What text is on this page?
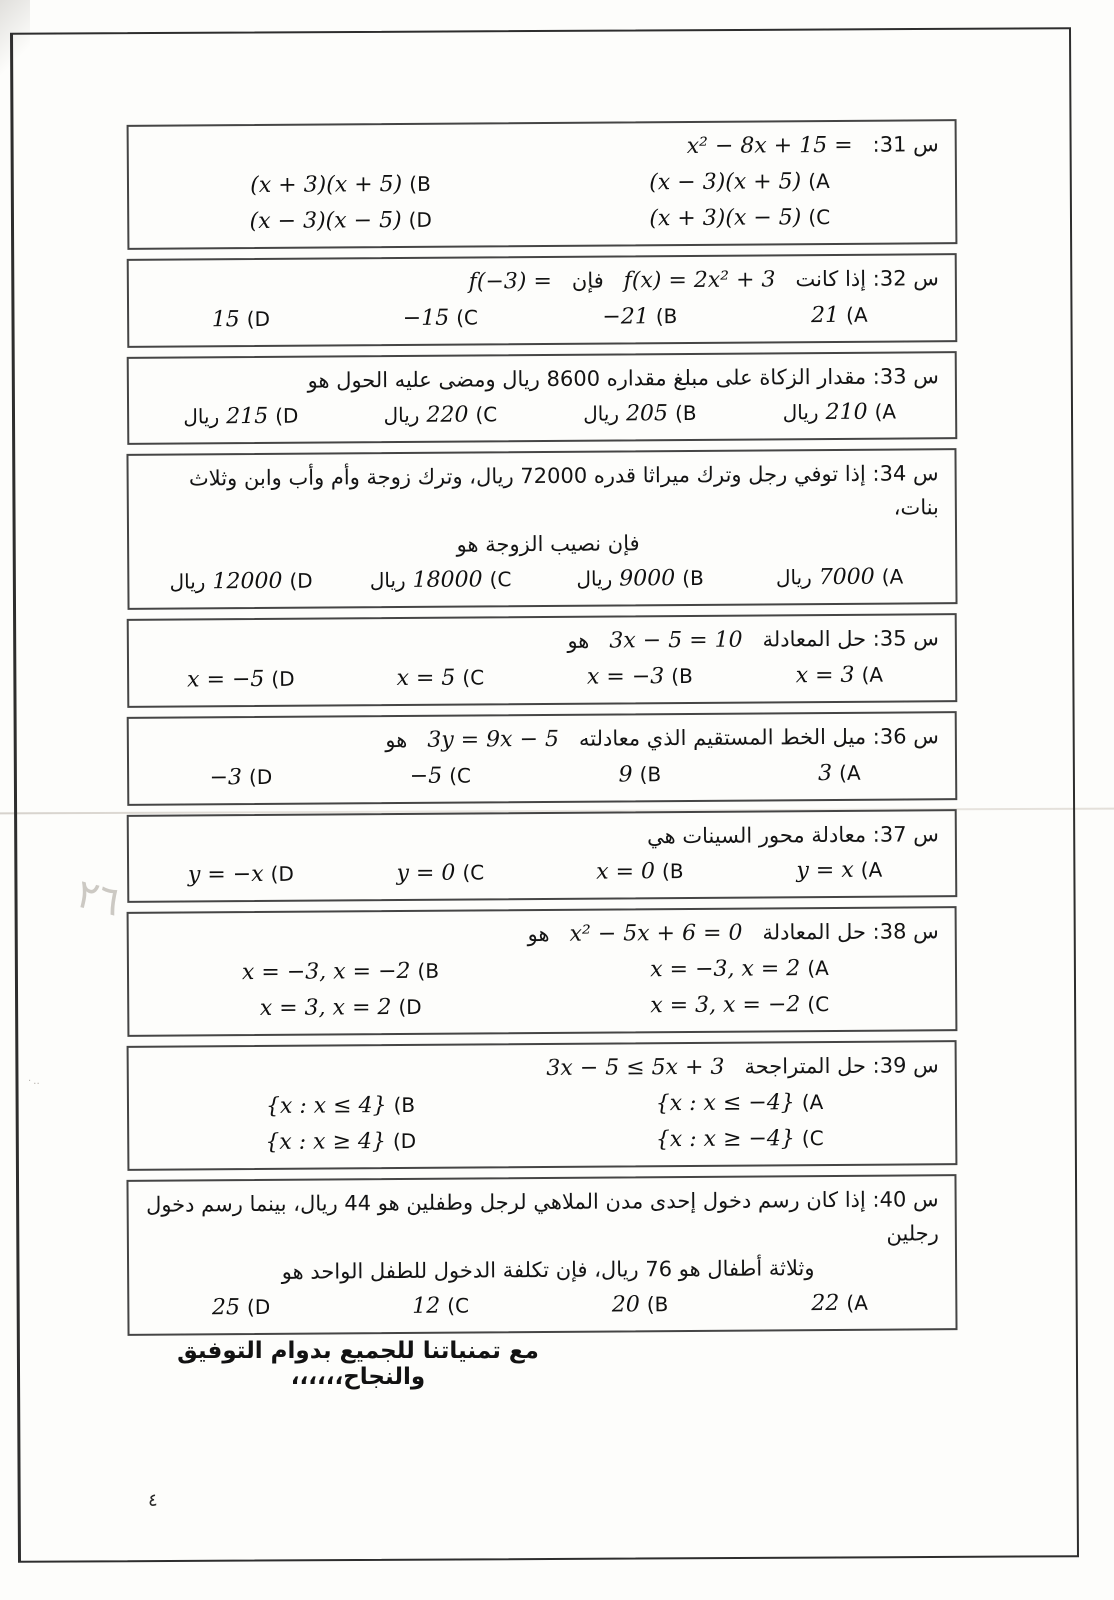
٢٦
·‥
س 31:x² − 8x + 15 =
(x − 3)(x + 5) ( A
(x + 3)(x + 5) ( B
(x + 3)(x − 5) ( C
(x − 3)(x − 5) ( D
س 32: إذا كانتf(x) = 2x² + 3فإنf(−3) =
21 ( A
−21 ( B
−15 ( C
15 ( D
س 33: مقدار الزكاة على مبلغ مقداره 8600 ريال ومضى عليه الحول هو
ريال 210 ( A
ريال 205 ( B
ريال 220 ( C
ريال 215 ( D
س 34: إذا توفي رجل وترك ميراثا قدره 72000 ريال، وترك زوجة وأم وأب وابن وثلاث بنات،
فإن نصيب الزوجة هو
ريال 7000 ( A
ريال 9000 ( B
ريال 18000 ( C
ريال 12000 ( D
س 35: حل المعادلة3x − 5 = 10هو
x = 3 ( A
x = −3 ( B
x = 5 ( C
x = −5 ( D
س 36: ميل الخط المستقيم الذي معادلته3y = 9x − 5هو
3 ( A
9 ( B
−5 ( C
−3 ( D
س 37: معادلة محور السينات هي
y = x ( A
x = 0 ( B
y = 0 ( C
y = −x ( D
س 38: حل المعادلةx² − 5x + 6 = 0هو
x = −3, x = 2 ( A
x = −3, x = −2 ( B
x = 3, x = −2 ( C
x = 3, x = 2 ( D
س 39: حل المتراجحة3x − 5 ≤ 5x + 3
{x : x ≤ −4} ( A
{x : x ≤ 4} ( B
{x : x ≥ −4} ( C
{x : x ≥ 4} ( D
س 40: إذا كان رسم دخول إحدى مدن الملاهي لرجل وطفلين هو 44 ريال، بينما رسم دخول رجلين
وثلاثة أطفال هو 76 ريال، فإن تكلفة الدخول للطفل الواحد هو
22 ( A
20 ( B
12 ( C
25 ( D
مع تمنياتنا للجميع بدوام التوفيق والنجاح،،،،،،
٤
